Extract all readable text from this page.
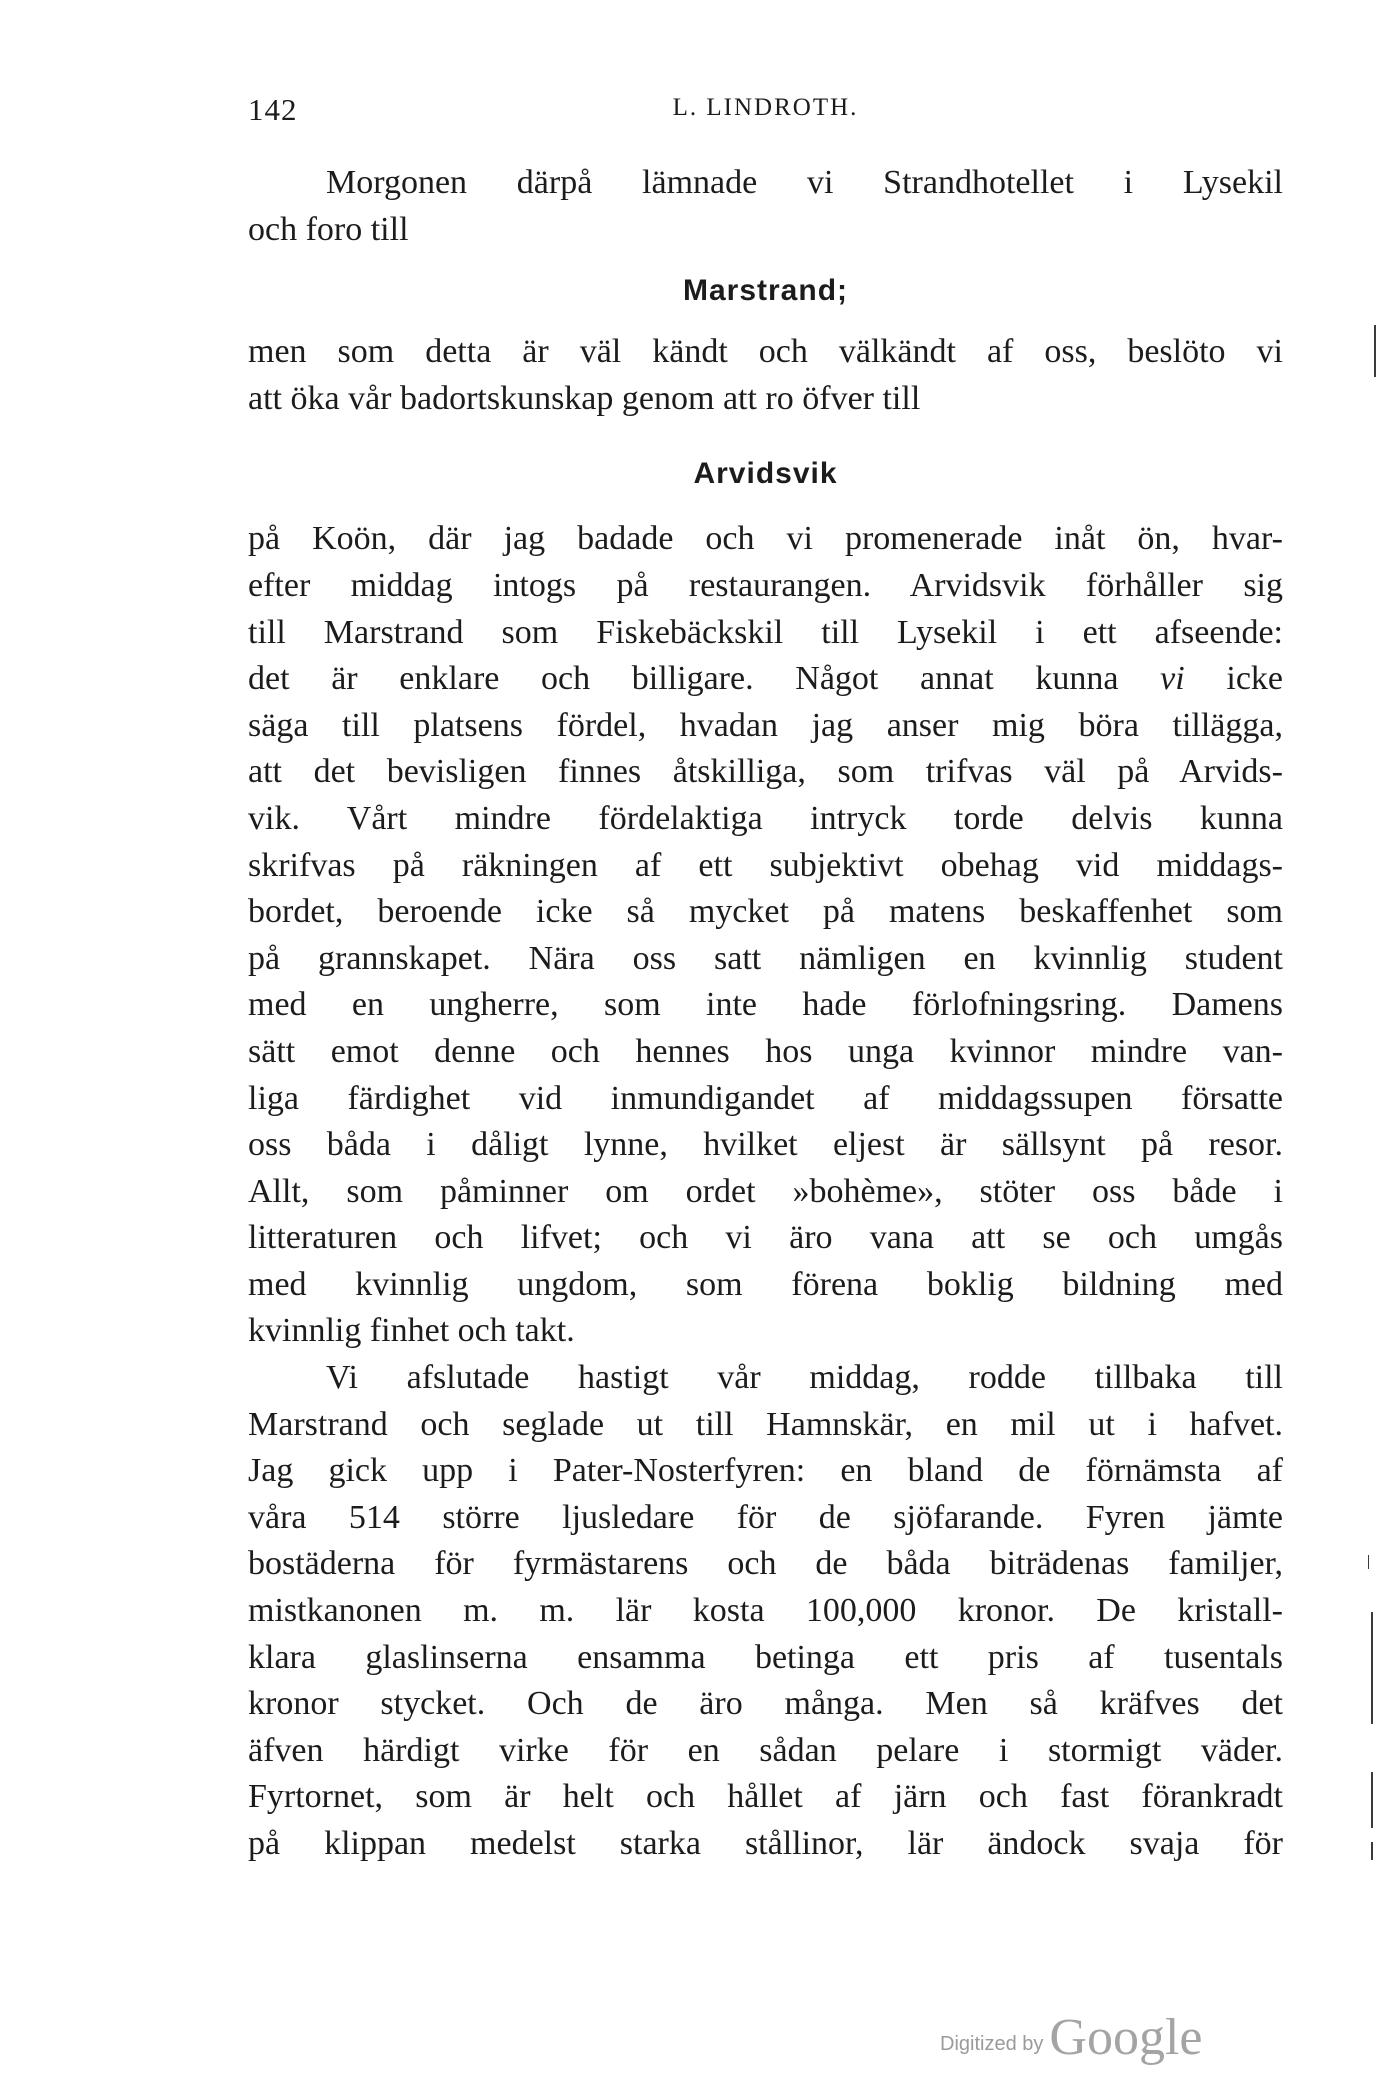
142	L. LINDROTH.
Morgonen därpå lämnade vi Strandhotellet i Lysekil
och foro till
Marstrand;
men som detta är väl kändt och välkändt af oss, beslöto vi
att öka vår badortskunskap genom att ro öfver till
Arvidsvik
på Koön, där jag badade och vi promenerade inåt ön, hvar-
efter middag intogs på restaurangen. Arvidsvik förhåller sig
till Marstrand som Fiskebäckskil till Lysekil i ett afseende:
det är enklare och billigare. Något annat kunna vi icke
säga till platsens fördel, hvadan jag anser mig böra tillägga,
att det bevisligen finnes åtskilliga, som trifvas väl på Arvids-
vik. Vårt mindre fördelaktiga intryck torde delvis kunna
skrifvas på räkningen af ett subjektivt obehag vid middags-
bordet, beroende icke så mycket på matens beskaffenhet som
på grannskapet. Nära oss satt nämligen en kvinnlig student
med en ungherre, som inte hade förlofningsring. Damens
sätt emot denne och hennes hos unga kvinnor mindre van-
liga färdighet vid inmundigandet af middagssupen försatte
oss båda i dåligt lynne, hvilket eljest är sällsynt på resor.
Allt, som påminner om ordet »bohème», stöter oss både i
litteraturen och lifvet; och vi äro vana att se och umgås
med kvinnlig ungdom, som förena boklig bildning med
kvinnlig finhet och takt.
Vi afslutade hastigt vår middag, rodde tillbaka till
Marstrand och seglade ut till Hamnskär, en mil ut i hafvet.
Jag gick upp i Pater-Nosterfyren: en bland de förnämsta af
våra 514 större ljusledare för de sjöfarande. Fyren jämte
bostäderna för fyrmästarens och de båda biträdenas familjer,
mistkanonen m. m. lär kosta 100,000 kronor. De kristall-
klara glaslinserna ensamma betinga ett pris af tusentals
kronor stycket. Och de äro många. Men så kräfves det
äfven härdigt virke för en sådan pelare i stormigt väder.
Fyrtornet, som är helt och hållet af järn och fast förankradt
på klippan medelst starka stållinor, lär ändock svaja för
Digitized by Google
